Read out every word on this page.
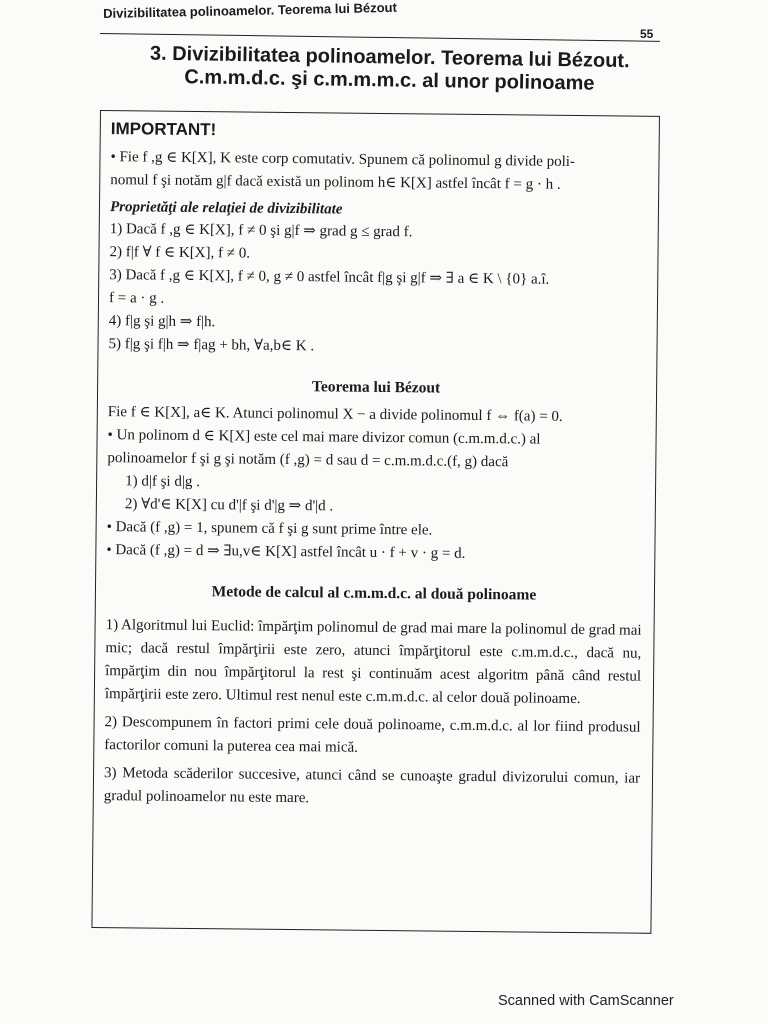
Divizibilitatea polinoamelor. Teorema lui Bézout
55
3. Divizibilitatea polinoamelor. Teorema lui Bézout.
C.m.m.d.c. şi c.m.m.m.c. al unor polinoame
IMPORTANT!

• Fie f ,g ∈ K[X], K este corp comutativ. Spunem că polinomul g divide poli-

nomul f şi notăm g|f dacă există un polinom h∈ K[X] astfel încât f = g · h .

Proprietăţi ale relaţiei de divizibilitate

1) Dacă f ,g ∈ K[X], f ≠ 0 şi g|f ⇒ grad g ≤ grad f.

2) f|f ∀ f ∈ K[X], f ≠ 0.

3) Dacă f ,g ∈ K[X], f ≠ 0, g ≠ 0 astfel încât f|g şi g|f ⇒ ∃ a ∈ K \ {0} a.î.

f = a · g .

4) f|g şi g|h ⇒ f|h.

5) f|g şi f|h ⇒ f|ag + bh, ∀a,b∈ K .

Teorema lui Bézout

Fie f ∈ K[X], a∈ K. Atunci polinomul X − a divide polinomul f ⇔ f(a) = 0.

• Un polinom d ∈ K[X] este cel mai mare divizor comun (c.m.m.d.c.) al

polinoamelor f şi g şi notăm (f ,g) = d sau d = c.m.m.d.c.(f, g) dacă

1) d|f şi d|g .

2) ∀d'∈ K[X] cu d'|f şi d'|g ⇒ d'|d .

• Dacă (f ,g) = 1, spunem că f şi g sunt prime între ele.

• Dacă (f ,g) = d ⇒ ∃u,v∈ K[X] astfel încât u · f + v · g = d.

Metode de calcul al c.m.m.d.c. al două polinoame

1) Algoritmul lui Euclid: împărţim polinomul de grad mai mare la polinomul de grad mai mic; dacă restul împărţirii este zero, atunci împărţitorul este c.m.m.d.c., dacă nu, împărţim din nou împărţitorul la rest şi continuăm acest algoritm până când restul împărţirii este zero. Ultimul rest nenul este c.m.m.d.c. al celor două polinoame.

2) Descompunem în factori primi cele două polinoame, c.m.m.d.c. al lor fiind produsul factorilor comuni la puterea cea mai mică.

3) Metoda scăderilor succesive, atunci când se cunoaşte gradul divizorului comun, iar gradul polinoamelor nu este mare.

Scanned with CamScanner
